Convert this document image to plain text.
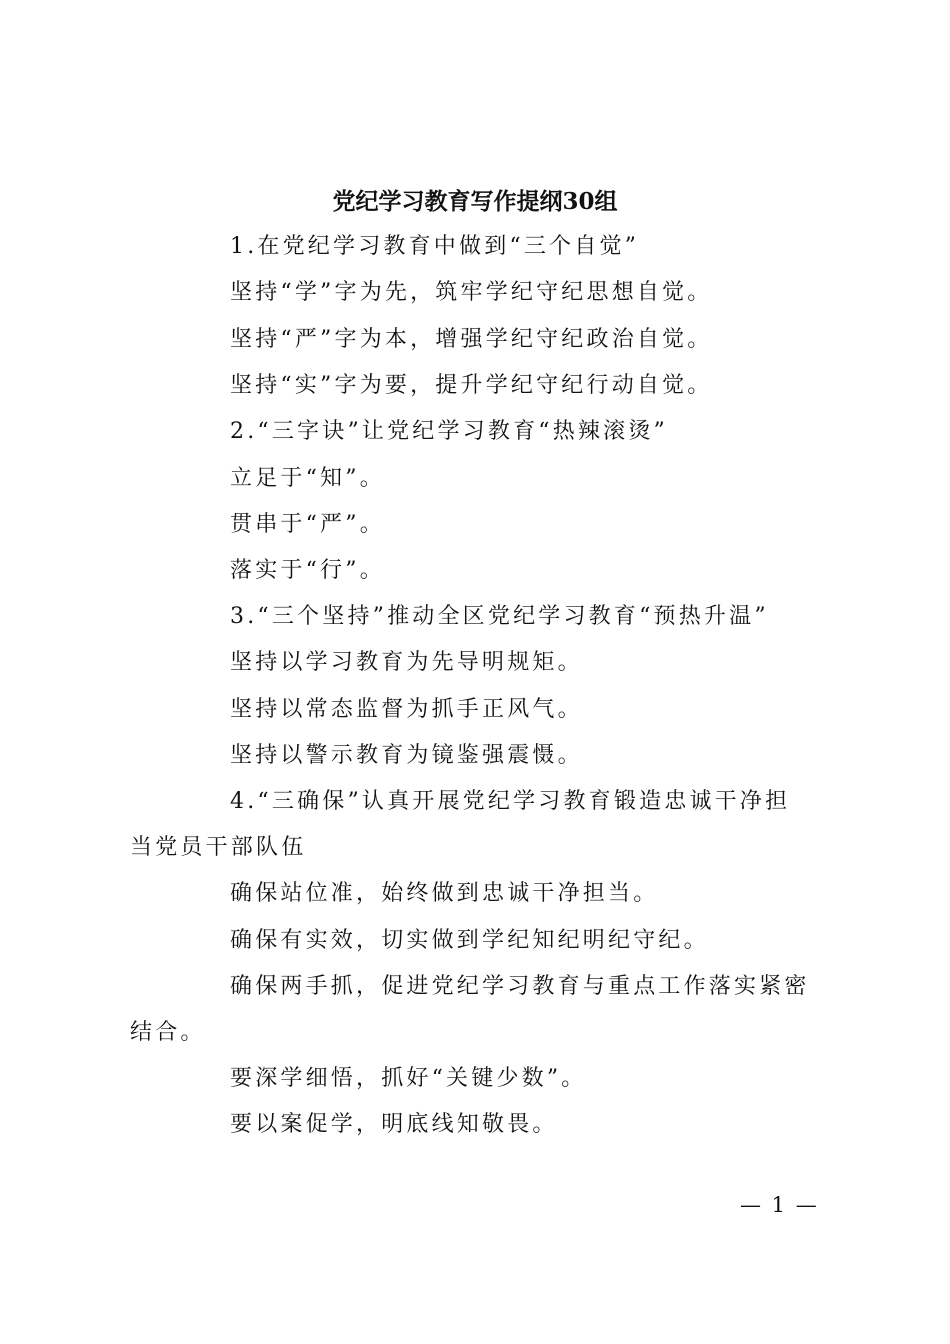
党纪学习教育写作提纲30组
1.在党纪学习教育中做到“三个自觉”
坚持“学”字为先，筑牢学纪守纪思想自觉。
坚持“严”字为本，增强学纪守纪政治自觉。
坚持“实”字为要，提升学纪守纪行动自觉。
2.“三字诀”让党纪学习教育“热辣滚烫”
立足于“知”。
贯串于“严”。
落实于“行”。
3.“三个坚持”推动全区党纪学习教育“预热升温”
坚持以学习教育为先导明规矩。
坚持以常态监督为抓手正风气。
坚持以警示教育为镜鉴强震慑。
4.“三确保”认真开展党纪学习教育锻造忠诚干净担
当党员干部队伍
确保站位准，始终做到忠诚干净担当。
确保有实效，切实做到学纪知纪明纪守纪。
确保两手抓，促进党纪学习教育与重点工作落实紧密
结合。
要深学细悟，抓好“关键少数”。
要以案促学，明底线知敬畏。
— 1 —
